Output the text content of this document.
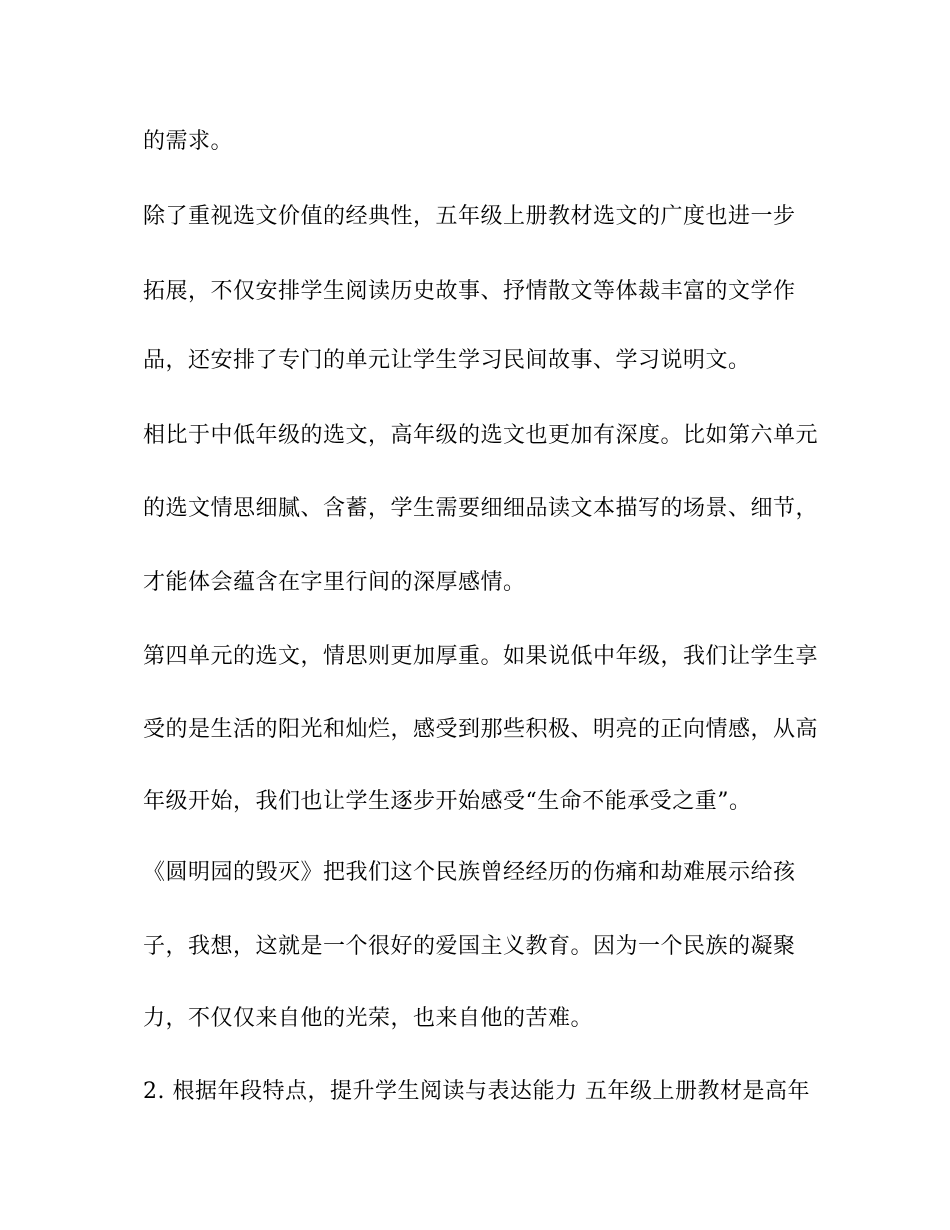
的需求。
除了重视选文价值的经典性，五年级上册教材选文的广度也进一步
拓展，不仅安排学生阅读历史故事、抒情散文等体裁丰富的文学作
品，还安排了专门的单元让学生学习民间故事、学习说明文。
相比于中低年级的选文，高年级的选文也更加有深度。比如第六单元
的选文情思细腻、含蓄，学生需要细细品读文本描写的场景、细节，
才能体会蕴含在字里行间的深厚感情。
第四单元的选文，情思则更加厚重。如果说低中年级，我们让学生享
受的是生活的阳光和灿烂，感受到那些积极、明亮的正向情感，从高
年级开始，我们也让学生逐步开始感受“生命不能承受之重”。
《圆明园的毁灭》把我们这个民族曾经经历的伤痛和劫难展示给孩
子，我想，这就是一个很好的爱国主义教育。因为一个民族的凝聚
力，不仅仅来自他的光荣，也来自他的苦难。
2. 根据年段特点，提升学生阅读与表达能力 五年级上册教材是高年
